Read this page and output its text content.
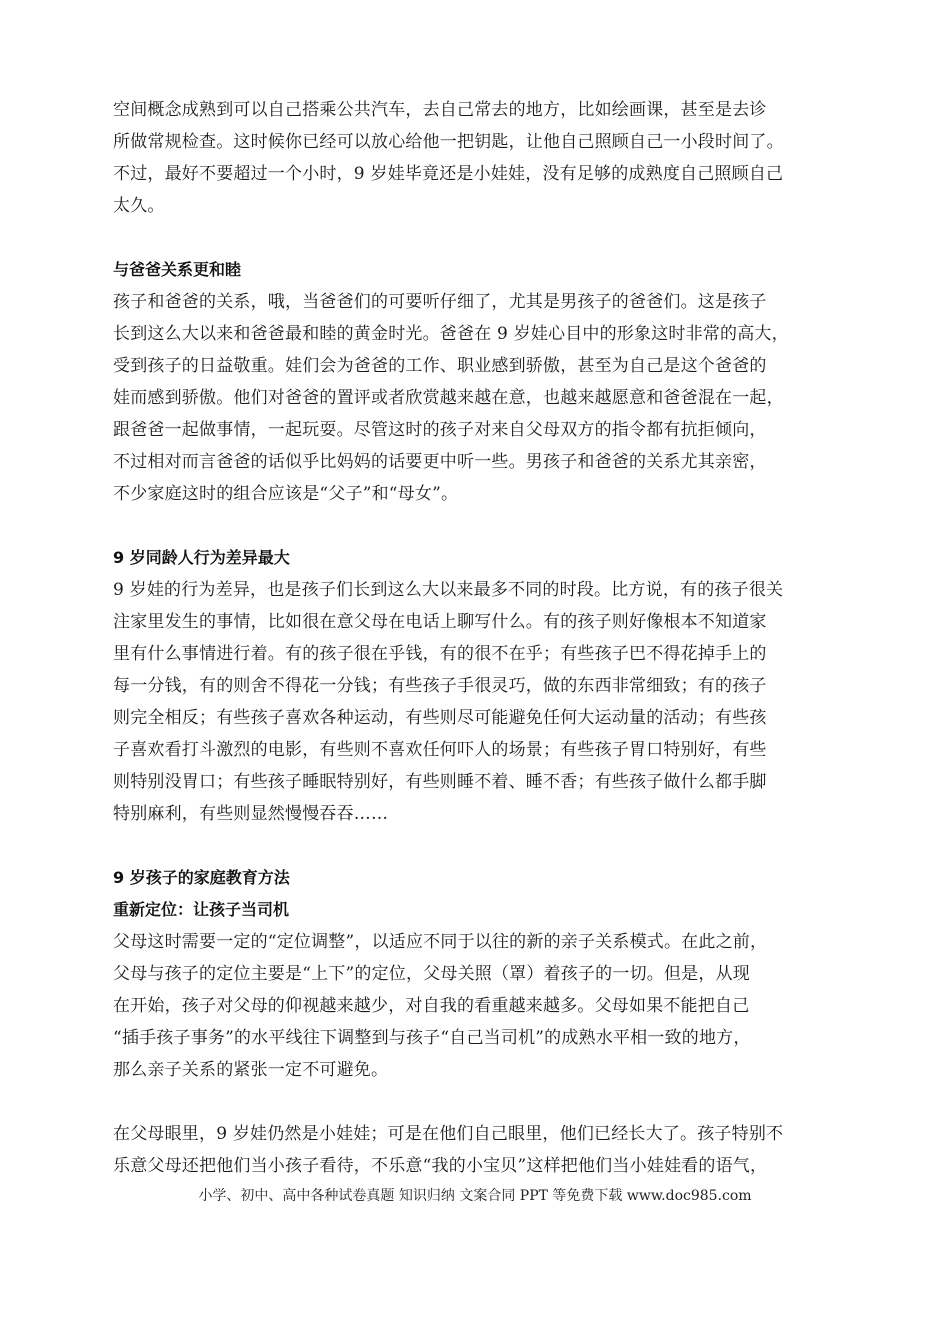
空间概念成熟到可以自己搭乘公共汽车，去自己常去的地方，比如绘画课，甚至是去诊
所做常规检查。这时候你已经可以放心给他一把钥匙，让他自己照顾自己一小段时间了。
不过，最好不要超过一个小时，9 岁娃毕竟还是小娃娃，没有足够的成熟度自己照顾自己
太久。
与爸爸关系更和睦
孩子和爸爸的关系，哦，当爸爸们的可要听仔细了，尤其是男孩子的爸爸们。这是孩子
长到这么大以来和爸爸最和睦的黄金时光。爸爸在 9 岁娃心目中的形象这时非常的高大，
受到孩子的日益敬重。娃们会为爸爸的工作、职业感到骄傲，甚至为自己是这个爸爸的
娃而感到骄傲。他们对爸爸的置评或者欣赏越来越在意，也越来越愿意和爸爸混在一起，
跟爸爸一起做事情，一起玩耍。尽管这时的孩子对来自父母双方的指令都有抗拒倾向，
不过相对而言爸爸的话似乎比妈妈的话要更中听一些。男孩子和爸爸的关系尤其亲密，
不少家庭这时的组合应该是“父子”和“母女”。
9 岁同龄人行为差异最大
9 岁娃的行为差异，也是孩子们长到这么大以来最多不同的时段。比方说，有的孩子很关
注家里发生的事情，比如很在意父母在电话上聊写什么。有的孩子则好像根本不知道家
里有什么事情进行着。有的孩子很在乎钱，有的很不在乎；有些孩子巴不得花掉手上的
每一分钱，有的则舍不得花一分钱；有些孩子手很灵巧，做的东西非常细致；有的孩子
则完全相反；有些孩子喜欢各种运动，有些则尽可能避免任何大运动量的活动；有些孩
子喜欢看打斗激烈的电影，有些则不喜欢任何吓人的场景；有些孩子胃口特别好，有些
则特别没胃口；有些孩子睡眠特别好，有些则睡不着、睡不香；有些孩子做什么都手脚
特别麻利，有些则显然慢慢吞吞……
9 岁孩子的家庭教育方法
重新定位：让孩子当司机
父母这时需要一定的“定位调整”，以适应不同于以往的新的亲子关系模式。在此之前，
父母与孩子的定位主要是“上下”的定位，父母关照（罩）着孩子的一切。但是，从现
在开始，孩子对父母的仰视越来越少，对自我的看重越来越多。父母如果不能把自己
“插手孩子事务”的水平线往下调整到与孩子“自己当司机”的成熟水平相一致的地方，
那么亲子关系的紧张一定不可避免。
在父母眼里，9 岁娃仍然是小娃娃；可是在他们自己眼里，他们已经长大了。孩子特别不
乐意父母还把他们当小孩子看待，不乐意“我的小宝贝”这样把他们当小娃娃看的语气，
小学、初中、高中各种试卷真题 知识归纳 文案合同 PPT 等免费下载 www.doc985.com
